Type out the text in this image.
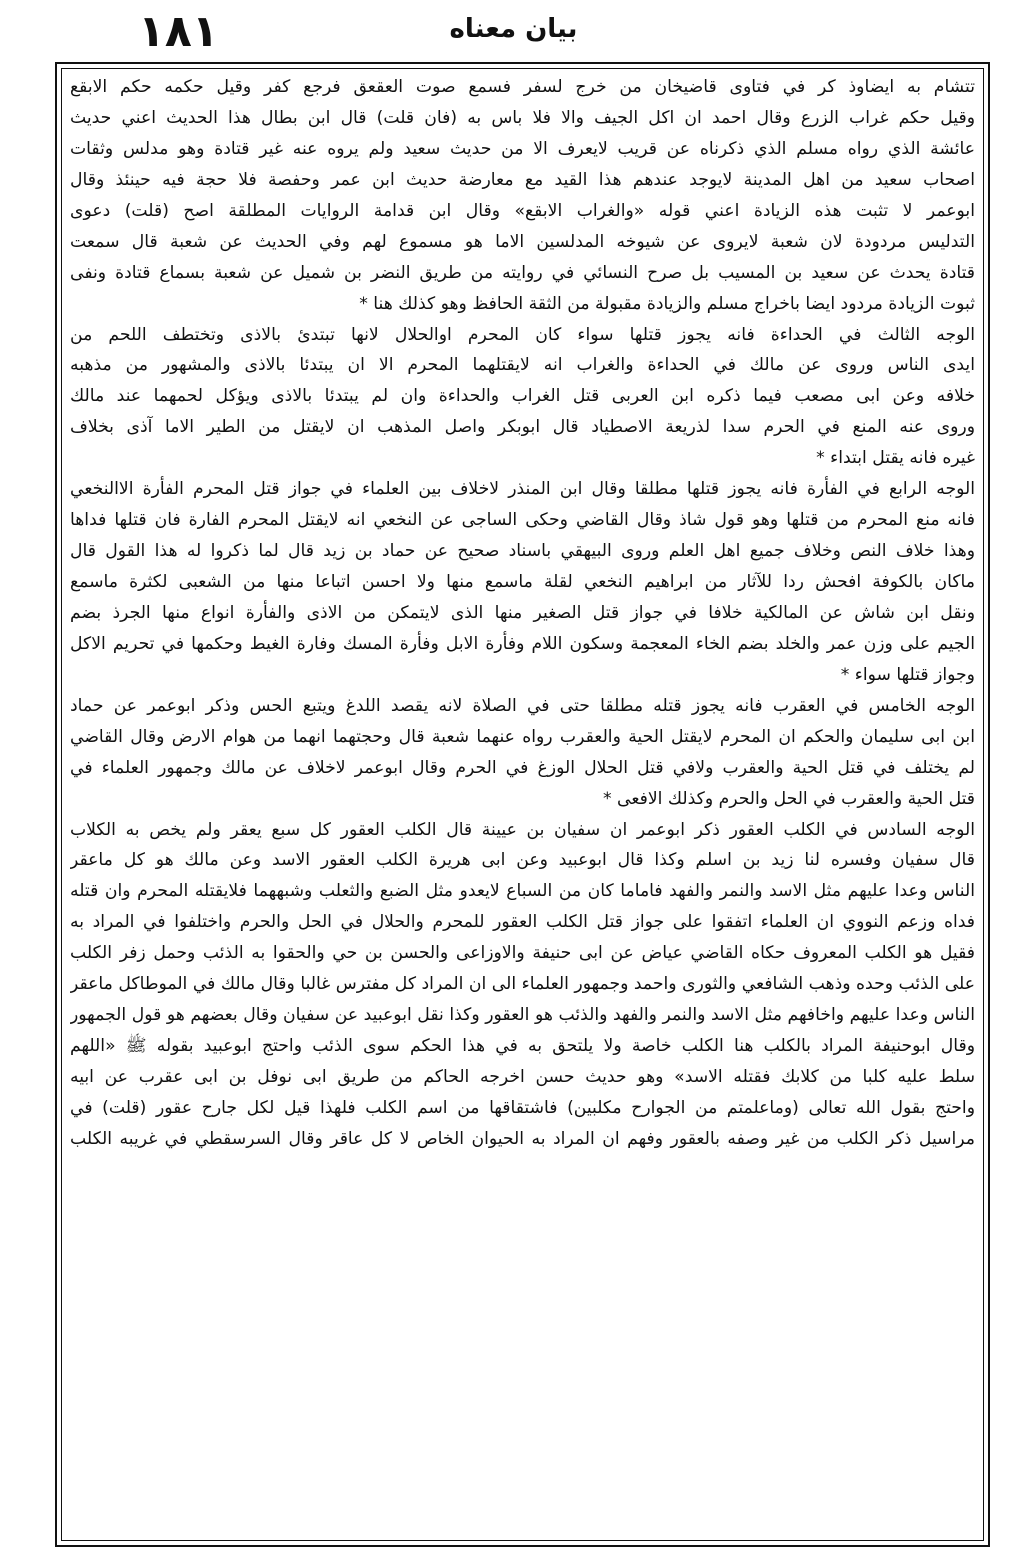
١٨١	بيان معناه
تتشام به ايضاوذ كر في فتاوى قاضيخان من خرج لسفر فسمع صوت العقعق فرجع كفر وقيل حكمه حكم الابقع
وقيل حكم غراب الزرع وقال احمد ان اكل الجيف والا فلا باس به (فان قلت) قال ابن بطال هذا الحديث اعني حديث
عائشة الذي رواه مسلم الذي ذكرناه عن قريب لايعرف الا من حديث سعيد ولم يروه عنه غير قتادة وهو مدلس وثقات
اصحاب سعيد من اهل المدينة لايوجد عندهم هذا القيد مع معارضة حديث ابن عمر وحفصة فلا حجة فيه حينئذ وقال
ابوعمر لا تثبت هذه الزيادة اعني قوله «والغراب الابقع» وقال ابن قدامة الروايات المطلقة اصح (قلت) دعوى
التدليس مردودة لان شعبة لايروى عن شيوخه المدلسين الاما هو مسموع لهم وفي الحديث عن شعبة قال سمعت
قتادة يحدث عن سعيد بن المسيب بل صرح النسائي في روايته من طريق النضر بن شميل عن شعبة بسماع قتادة ونفى
ثبوت الزيادة مردود ايضا باخراج مسلم والزيادة مقبولة من الثقة الحافظ وهو كذلك هنا *
الوجه الثالث في الحداءة فانه يجوز قتلها سواء كان المحرم اوالحلال لانها تبتدئ بالاذى وتختطف اللحم من
ايدى الناس وروى عن مالك في الحداءة والغراب انه لايقتلهما المحرم الا ان يبتدئا بالاذى والمشهور من مذهبه
خلافه وعن ابى مصعب فيما ذكره ابن العربى قتل الغراب والحداءة وان لم يبتدئا بالاذى ويؤكل لحمهما عند مالك
وروى عنه المنع في الحرم سدا لذريعة الاصطياد قال ابوبكر واصل المذهب ان لايقتل من الطير الاما آذى بخلاف
غيره فانه يقتل ابتداء *
الوجه الرابع في الفأرة فانه يجوز قتلها مطلقا وقال ابن المنذر لاخلاف بين العلماء في جواز قتل المحرم الفأرة الاالنخعي
فانه منع المحرم من قتلها وهو قول شاذ وقال القاضي وحكى الساجى عن النخعي انه لايقتل المحرم الفارة فان قتلها فداها
وهذا خلاف النص وخلاف جميع اهل العلم وروى البيهقي باسناد صحيح عن حماد بن زيد قال لما ذكروا له هذا القول قال
ماكان بالكوفة افحش ردا للآثار من ابراهيم النخعي لقلة ماسمع منها ولا احسن اتباعا منها من الشعبى لكثرة ماسمع
ونقل ابن شاش عن المالكية خلافا في جواز قتل الصغير منها الذى لايتمكن من الاذى والفأرة انواع منها الجرذ بضم
الجيم على وزن عمر والخلد بضم الخاء المعجمة وسكون اللام وفأرة الابل وفأرة المسك وفارة الغيط وحكمها في تحريم الاكل
وجواز قتلها سواء *
الوجه الخامس في العقرب فانه يجوز قتله مطلقا حتى في الصلاة لانه يقصد اللدغ ويتبع الحس وذكر ابوعمر عن حماد
ابن ابى سليمان والحكم ان المحرم لايقتل الحية والعقرب رواه عنهما شعبة قال وحجتهما انهما من هوام الارض وقال القاضي
لم يختلف في قتل الحية والعقرب ولافي قتل الحلال الوزغ في الحرم وقال ابوعمر لاخلاف عن مالك وجمهور العلماء في
قتل الحية والعقرب في الحل والحرم وكذلك الافعى *
الوجه السادس في الكلب العقور ذكر ابوعمر ان سفيان بن عيينة قال الكلب العقور كل سبع يعقر ولم يخص به الكلاب
قال سفيان وفسره لنا زيد بن اسلم وكذا قال ابوعبيد وعن ابى هريرة الكلب العقور الاسد وعن مالك هو كل ماعقر
الناس وعدا عليهم مثل الاسد والنمر والفهد فاماما كان من السباع لايعدو مثل الضبع والثعلب وشبههما فلايقتله المحرم وان قتله
فداه وزعم النووي ان العلماء اتفقوا على جواز قتل الكلب العقور للمحرم والحلال في الحل والحرم واختلفوا في المراد به
فقيل هو الكلب المعروف حكاه القاضي عياض عن ابى حنيفة والاوزاعى والحسن بن حي والحقوا به الذئب وحمل زفر الكلب
على الذئب وحده وذهب الشافعي والثورى واحمد وجمهور العلماء الى ان المراد كل مفترس غالبا وقال مالك في الموطاكل ماعقر
الناس وعدا عليهم واخافهم مثل الاسد والنمر والفهد والذئب هو العقور وكذا نقل ابوعبيد عن سفيان وقال بعضهم هو قول الجمهور
وقال ابوحنيفة المراد بالكلب هنا الكلب خاصة ولا يلتحق به في هذا الحكم سوى الذئب واحتج ابوعبيد بقوله ﷺ «اللهم
سلط عليه كلبا من كلابك فقتله الاسد» وهو حديث حسن اخرجه الحاكم من طريق ابى نوفل بن ابى عقرب عن ابيه
واحتج بقول الله تعالى (وماعلمتم من الجوارح مكلبين) فاشتقاقها من اسم الكلب فلهذا قيل لكل جارح عقور (قلت) في
مراسيل ذكر الكلب من غير وصفه بالعقور وفهم ان المراد به الحيوان الخاص لا كل عاقر وقال السرسقطي في غريبه الكلب
